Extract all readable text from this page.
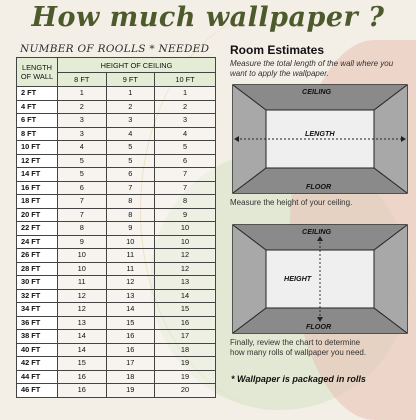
How much wallpaper ?
NUMBER OF ROOLLS * NEEDED
LENGTH OF WALL	HEIGHT OF CEILING		
	8 FT	9 FT	10 FT
2 FT	1	1	1
4 FT	2	2	2
6 FT	3	3	3
8 FT	3	4	4
10 FT	4	5	5
12 FT	5	5	6
14 FT	5	6	7
16 FT	6	7	7
18 FT	7	8	8
20 FT	7	8	9
22 FT	8	9	10
24 FT	9	10	10
26 FT	10	11	12
28 FT	10	11	12
30 FT	11	12	13
32 FT	12	13	14
34 FT	12	14	15
36 FT	13	15	16
38 FT	14	16	17
40 FT	14	16	18
42 FT	15	17	19
44 FT	16	18	19
46 FT	16	19	20

Room Estimates

Measure the total length of the wall where you want to apply the wallpaper.

CEILING
LENGTH
FLOOR
Measure the height of your ceiling.
CEILING
HEIGHT
FLOOR
Finally, review the chart to determine how many rolls of wallpaper you need.
* Wallpaper is packaged in rolls
